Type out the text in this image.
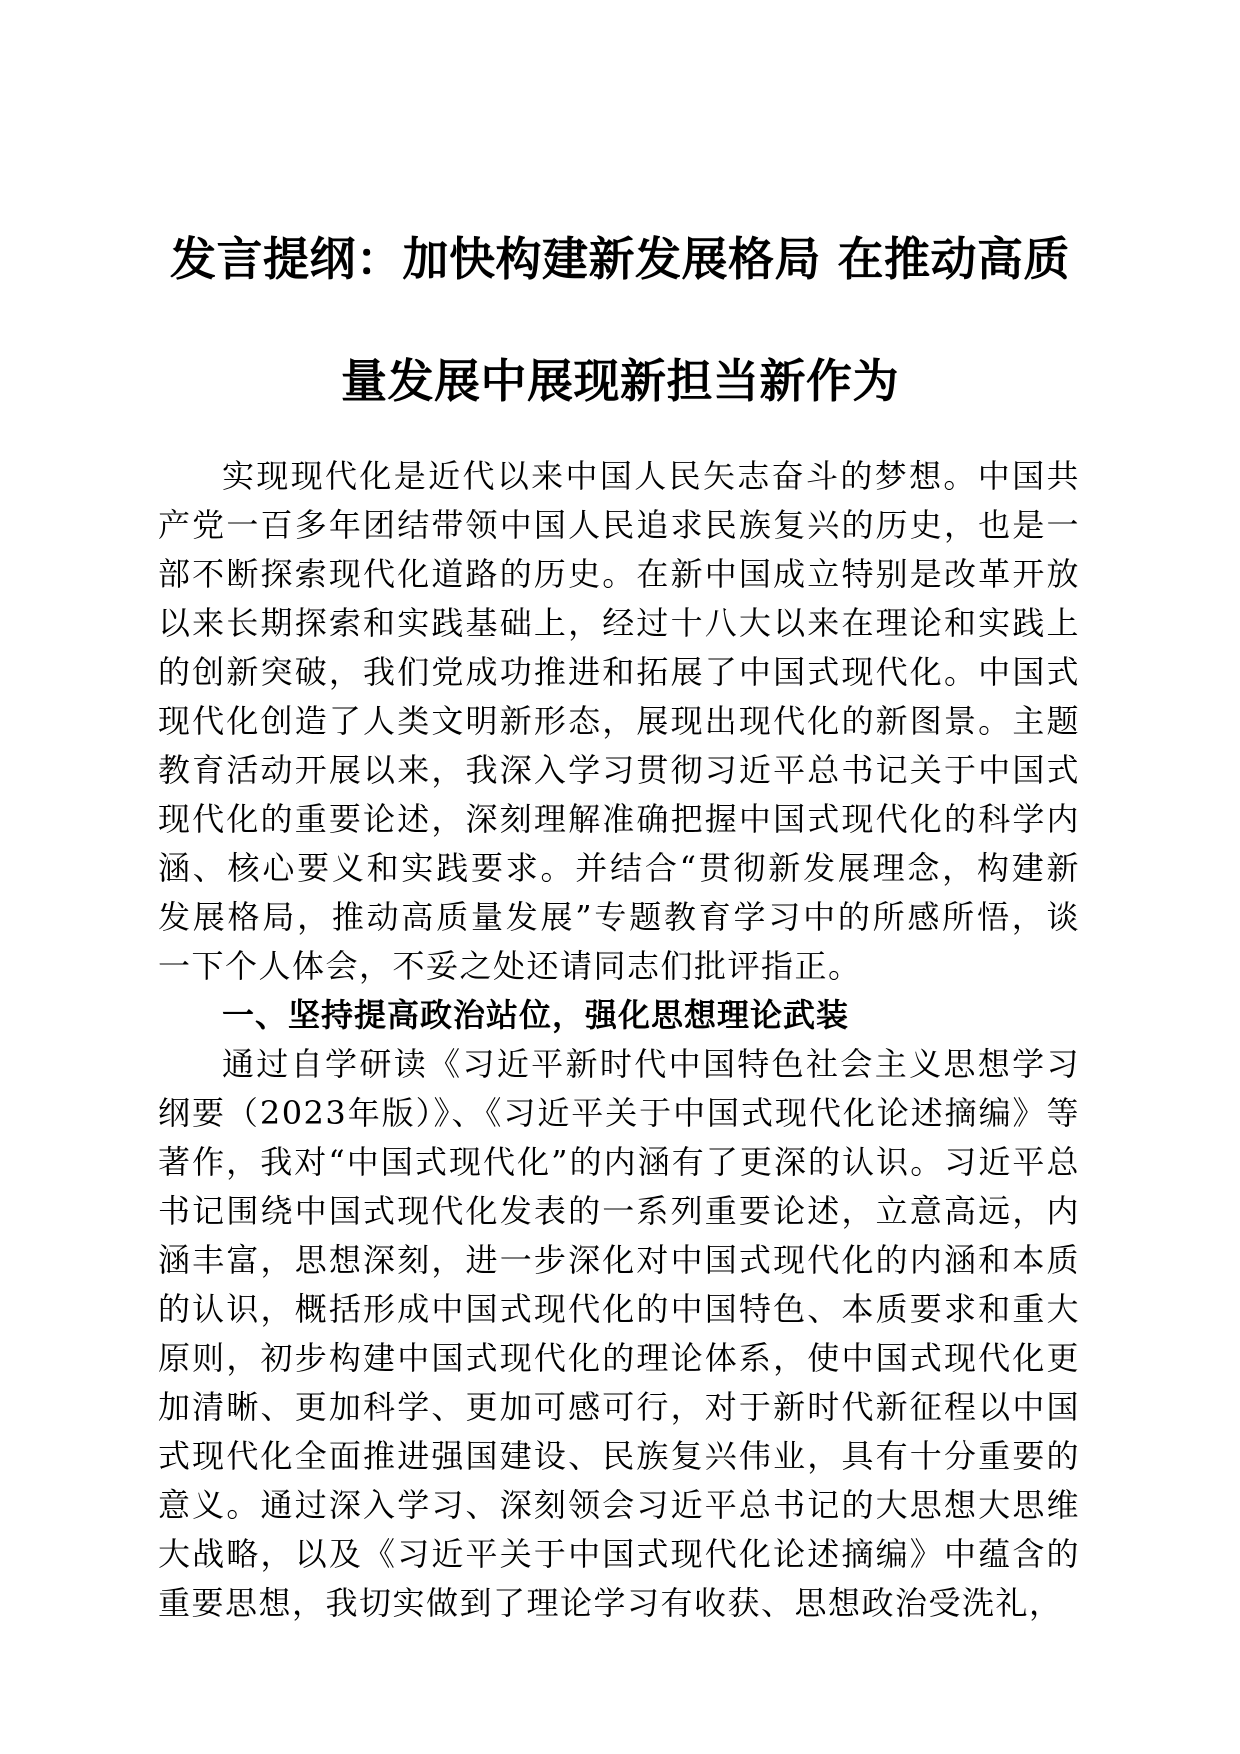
发言提纲：加快构建新发展格局 在推动高质
量发展中展现新担当新作为

实现现代化是近代以来中国人民矢志奋斗的梦想。中国共产党一百多年团结带领中国人民追求民族复兴的历史，也是一部不断探索现代化道路的历史。在新中国成立特别是改革开放以来长期探索和实践基础上，经过十八大以来在理论和实践上的创新突破，我们党成功推进和拓展了中国式现代化。中国式现代化创造了人类文明新形态，展现出现代化的新图景。主题教育活动开展以来，我深入学习贯彻习近平总书记关于中国式现代化的重要论述，深刻理解准确把握中国式现代化的科学内涵、核心要义和实践要求。并结合“贯彻新发展理念，构建新发展格局，推动高质量发展”专题教育学习中的所感所悟，谈一下个人体会，不妥之处还请同志们批评指正。

一、坚持提高政治站位，强化思想理论武装

通过自学研读《习近平新时代中国特色社会主义思想学习纲要（2023年版）》、《习近平关于中国式现代化论述摘编》等著作，我对“中国式现代化”的内涵有了更深的认识。习近平总书记围绕中国式现代化发表的一系列重要论述，立意高远，内涵丰富，思想深刻，进一步深化对中国式现代化的内涵和本质的认识，概括形成中国式现代化的中国特色、本质要求和重大原则，初步构建中国式现代化的理论体系，使中国式现代化更加清晰、更加科学、更加可感可行，对于新时代新征程以中国式现代化全面推进强国建设、民族复兴伟业，具有十分重要的意义。通过深入学习、深刻领会习近平总书记的大思想大思维大战略，以及《习近平关于中国式现代化论述摘编》中蕴含的重要思想，我切实做到了理论学习有收获、思想政治受洗礼，
